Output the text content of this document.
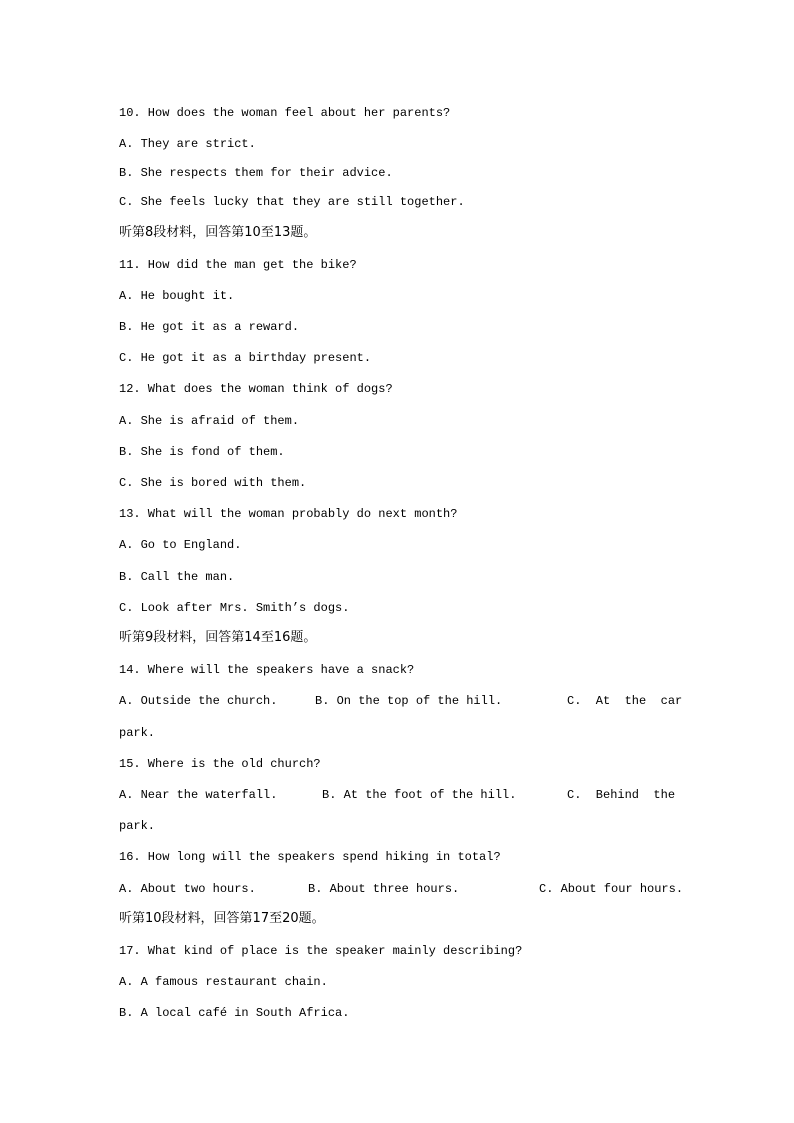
10. How does the woman feel about her parents?
A. They are strict.
B. She respects them for their advice.
C. She feels lucky that they are still together.
听第8段材料，回答第10至13题。
11. How did the man get the bike?
A. He bought it.
B. He got it as a reward.
C. He got it as a birthday present.
12. What does the woman think of dogs?
A. She is afraid of them.
B. She is fond of them.
C. She is bored with them.
13. What will the woman probably do next month?
A. Go to England.
B. Call the man.
C. Look after Mrs. Smith’s dogs.
听第9段材料，回答第14至16题。
14. Where will the speakers have a snack?
A. Outside the church.	B. On the top of the hill.	C.  At  the  car
park.
15. Where is the old church?
A. Near the waterfall.	B. At the foot of the hill.	C.  Behind  the
park.
16. How long will the speakers spend hiking in total?
A. About two hours.	B. About three hours.	C. About four hours.
听第10段材料，回答第17至20题。
17. What kind of place is the speaker mainly describing?
A. A famous restaurant chain.
B. A local café in South Africa.
